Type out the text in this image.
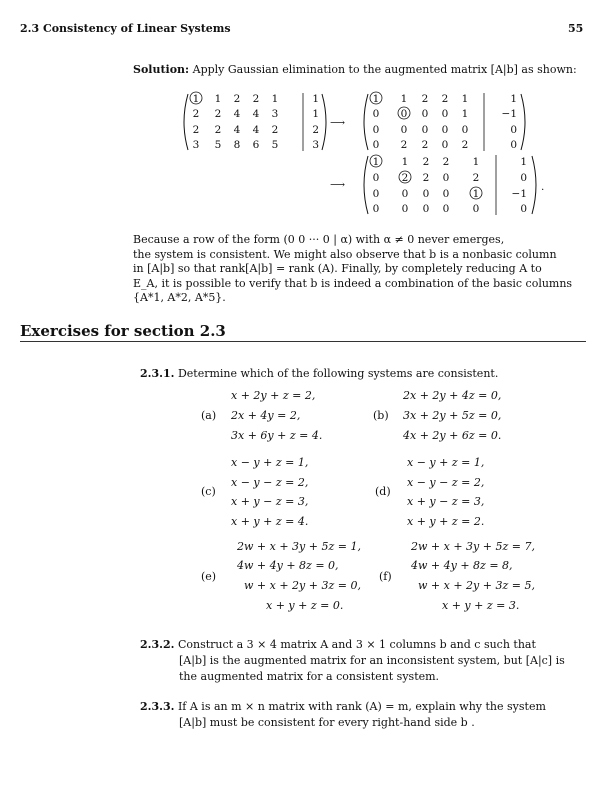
2.3 Consistency of Linear Systems	55
Solution: Apply Gaussian elimination to the augmented matrix [A|b] as shown:
1 1 2 2 1	1
2 2 4 4 3	1
2 2 4 4 2	2
3 5 8 6 5	3
⟶
1 1 2 2 1	1
0 0 0 0 1	−1
0 0 0 0 0	0
0 2 2 0 2	0
⟶
1 1 2 2 1	1
0 2 2 0 2	0
0 0 0 0 1	−1
0 0 0 0 0	0
.

Because a row of the form (0 0 ··· 0 | α) with α ≠ 0 never emerges,

the system is consistent. We might also observe that b is a nonbasic column

in [A|b] so that rank[A|b] = rank (A). Finally, by completely reducing A to

E_A, it is possible to verify that b is indeed a combination of the basic columns

{A*1, A*2, A*5}.

Exercises for section 2.3
2.3.1. Determine which of the following systems are consistent.
(a)
x + 2y + z = 2,
2x + 4y = 2,
3x + 6y + z = 4.
(b)
2x + 2y + 4z = 0,
3x + 2y + 5z = 0,
4x + 2y + 6z = 0.
(c)
x − y + z = 1,
x − y − z = 2,
x + y − z = 3,
x + y + z = 4.
(d)
x − y + z = 1,
x − y − z = 2,
x + y − z = 3,
x + y + z = 2.
(e)
2w + x + 3y + 5z = 1,
4w + 4y + 8z = 0,
w + x + 2y + 3z = 0,
x + y + z = 0.
(f)
2w + x + 3y + 5z = 7,
4w + 4y + 8z = 8,
w + x + 2y + 3z = 5,
x + y + z = 3.
2.3.2. Construct a 3 × 4 matrix A and 3 × 1 columns b and c such that
[A|b] is the augmented matrix for an inconsistent system, but [A|c] is
the augmented matrix for a consistent system.
2.3.3. If A is an m × n matrix with rank (A) = m, explain why the system
[A|b] must be consistent for every right-hand side b .
